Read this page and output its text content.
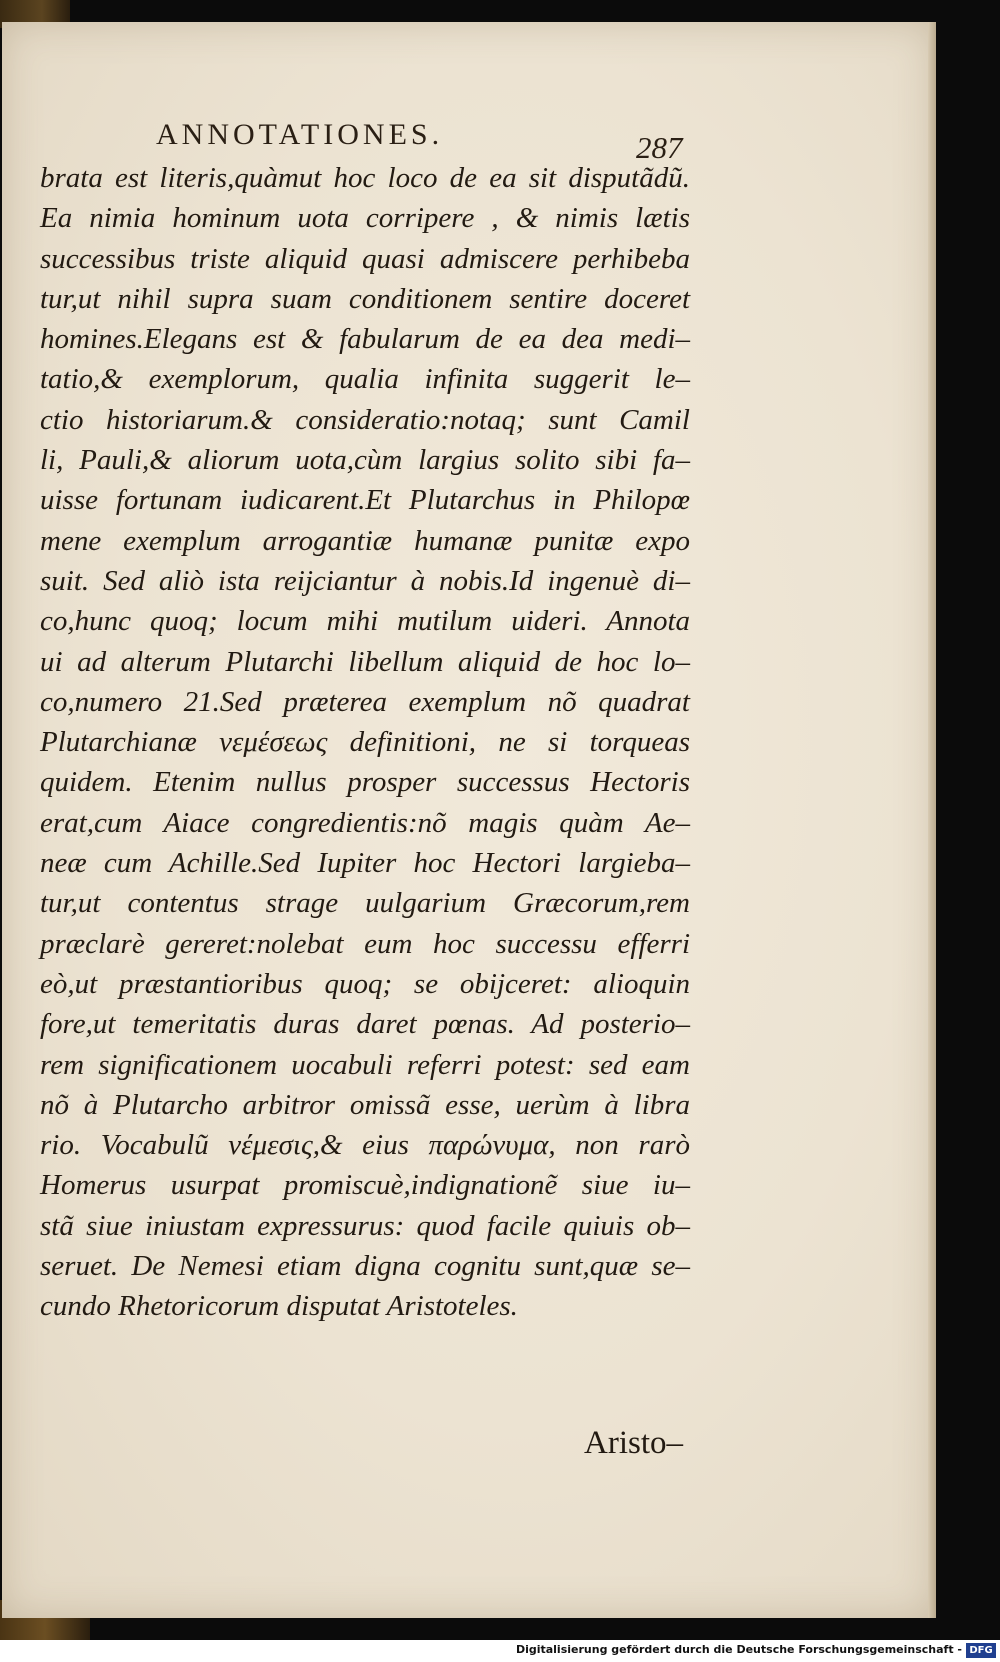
ANNOTATIONES.	287
brata est literis,quàmut hoc loco de ea sit disputãdũ.
Ea nimia hominum uota corripere , & nimis lætis
successibus triste aliquid quasi admiscere perhibeba
tur,ut nihil supra suam conditionem sentire doceret
homines.Elegans est & fabularum de ea dea medi–
tatio,& exemplorum, qualia infinita suggerit le–
ctio historiarum.& consideratio:notaq; sunt Camil
li, Pauli,& aliorum uota,cùm largius solito sibi fa–
uisse fortunam iudicarent.Et Plutarchus in Philopœ
mene exemplum arrogantiæ humanæ punitæ expo
suit. Sed aliò ista reijciantur à nobis.Id ingenuè di–
co,hunc quoq; locum mihi mutilum uideri. Annota
ui ad alterum Plutarchi libellum aliquid de hoc lo–
co,numero 21.Sed præterea exemplum nõ quadrat
Plutarchianæ νεμέσεως definitioni, ne si torqueas
quidem. Etenim nullus prosper successus Hectoris
erat,cum Aiace congredientis:nõ magis quàm Ae–
neæ cum Achille.Sed Iupiter hoc Hectori largieba–
tur,ut contentus strage uulgarium Græcorum,rem
præclarè gereret:nolebat eum hoc successu efferri
eò,ut præstantioribus quoq; se obijceret: alioquin
fore,ut temeritatis duras daret pœnas. Ad posterio–
rem significationem uocabuli referri potest: sed eam
nõ à Plutarcho arbitror omissã esse, uerùm à libra
rio. Vocabulũ νέμεσις,& eius παρώνυμα, non rarò
Homerus usurpat promiscuè,indignationẽ siue iu–
stã siue iniustam expressurus: quod facile quiuis ob–
seruet. De Nemesi etiam digna cognitu sunt,quæ se–
cundo Rhetoricorum disputat Aristoteles.
Aristo–
Digitalisierung gefördert durch die Deutsche Forschungsgemeinschaft - DFG
